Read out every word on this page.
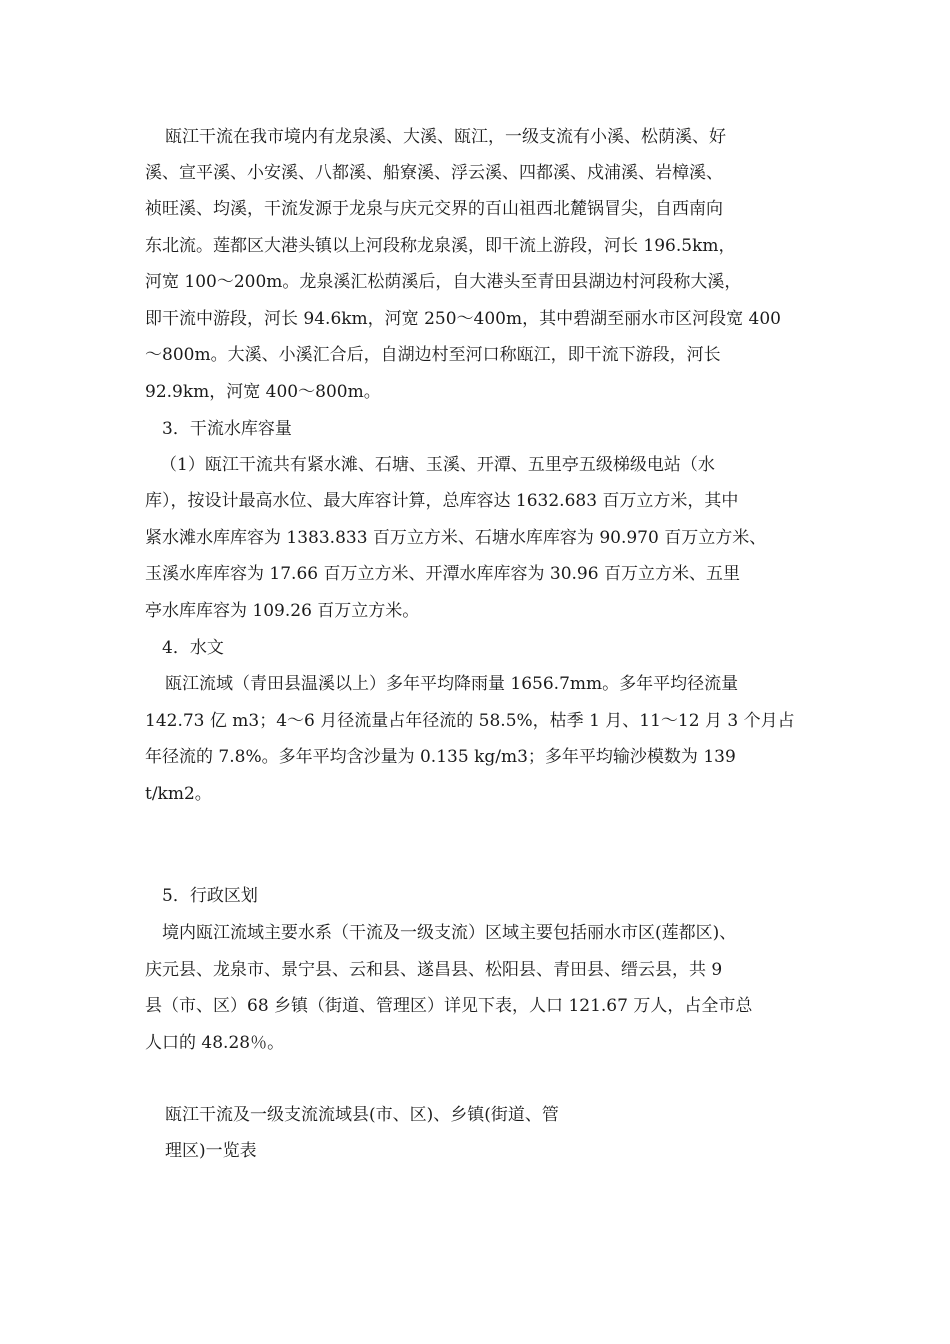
瓯江干流在我市境内有龙泉溪、大溪、瓯江，一级支流有小溪、松荫溪、好
溪、宣平溪、小安溪、八都溪、船寮溪、浮云溪、四都溪、戍浦溪、岩樟溪、
祯旺溪、均溪，干流发源于龙泉与庆元交界的百山祖西北麓锅冒尖，自西南向
东北流。莲都区大港头镇以上河段称龙泉溪，即干流上游段，河长 196.5km，
河宽 100～200m。龙泉溪汇松荫溪后，自大港头至青田县湖边村河段称大溪，
即干流中游段，河长 94.6km，河宽 250～400m，其中碧湖至丽水市区河段宽 400
～800m。大溪、小溪汇合后，自湖边村至河口称瓯江，即干流下游段，河长
92.9km，河宽 400～800m。
3．干流水库容量
（1）瓯江干流共有紧水滩、石塘、玉溪、开潭、五里亭五级梯级电站（水
库），按设计最高水位、最大库容计算，总库容达 1632.683 百万立方米，其中
紧水滩水库库容为 1383.833 百万立方米、石塘水库库容为 90.970 百万立方米、
玉溪水库库容为 17.66 百万立方米、开潭水库库容为 30.96 百万立方米、五里
亭水库库容为 109.26 百万立方米。
4．水文
瓯江流域（青田县温溪以上）多年平均降雨量 1656.7mm。多年平均径流量
142.73 亿 m3；4～6 月径流量占年径流的 58.5%，枯季 1 月、11～12 月 3 个月占
年径流的 7.8%。多年平均含沙量为 0.135 kg/m3；多年平均输沙模数为 139
t/km2。
5．行政区划
境内瓯江流域主要水系（干流及一级支流）区域主要包括丽水市区(莲都区)、
庆元县、龙泉市、景宁县、云和县、遂昌县、松阳县、青田县、缙云县，共 9
县（市、区）68 乡镇（街道、管理区）详见下表，人口 121.67 万人，占全市总
人口的 48.28％。
瓯江干流及一级支流流域县(市、区)、乡镇(街道、管
理区)一览表
